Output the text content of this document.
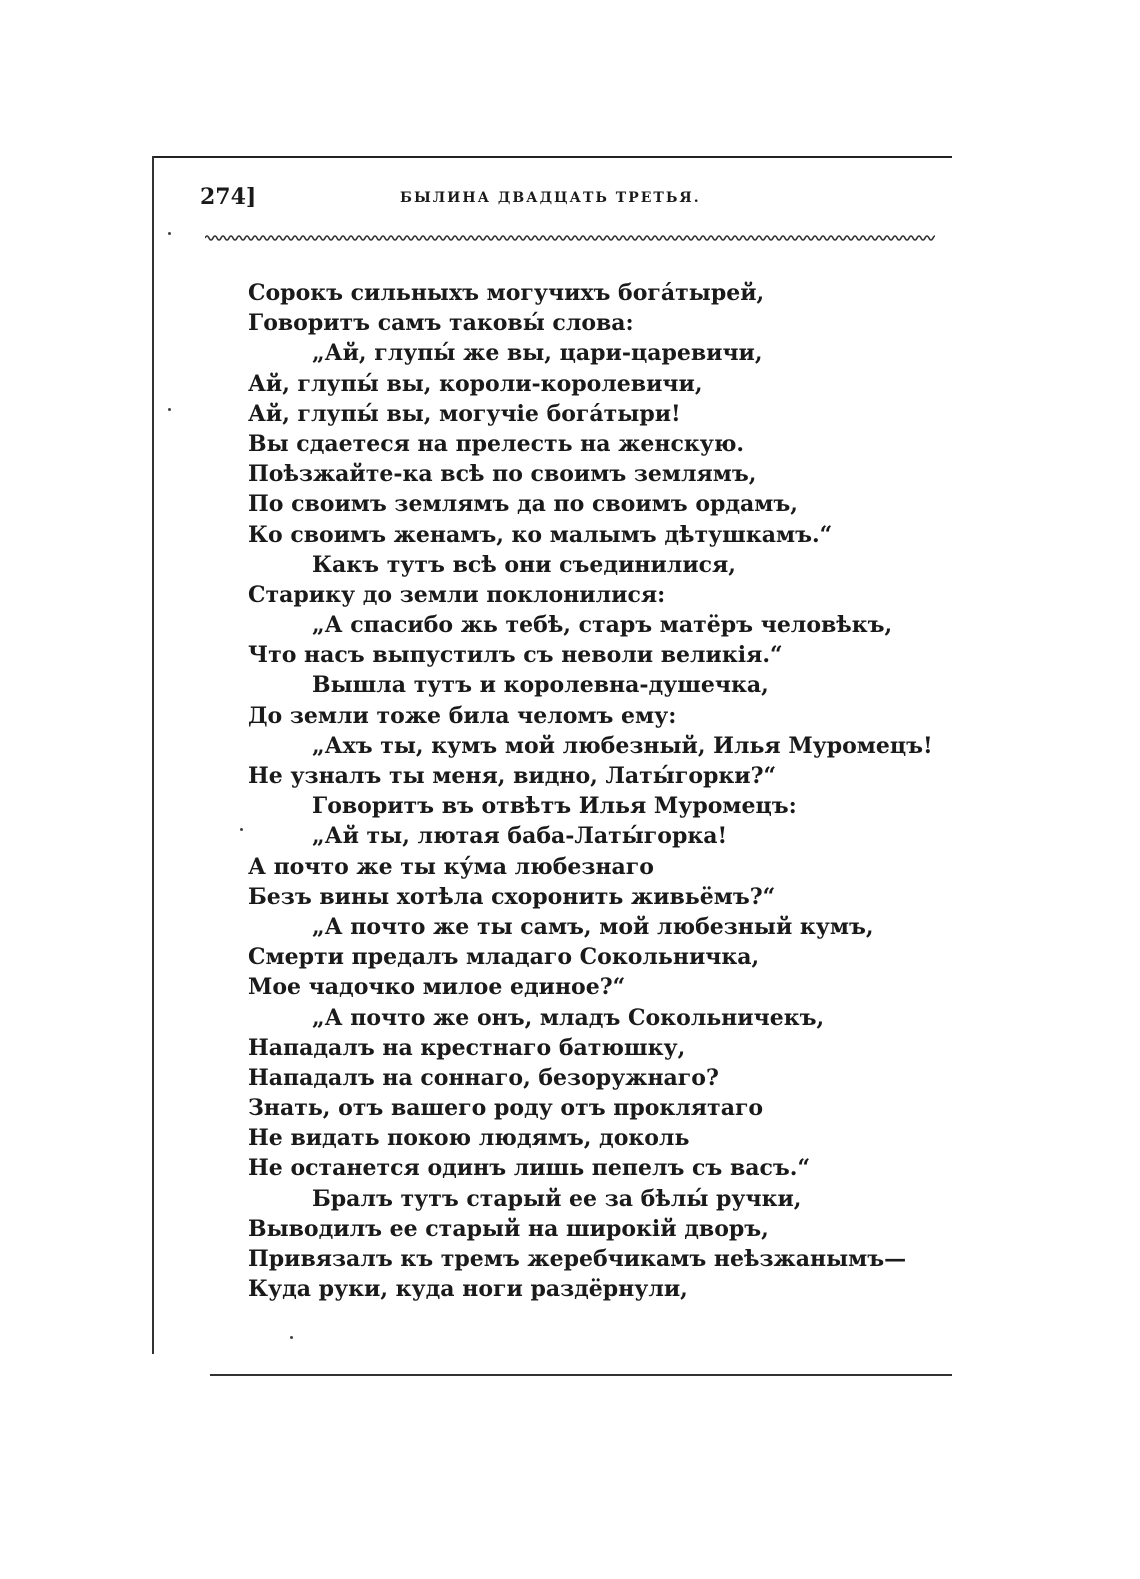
274]	БЫЛИНА ДВАДЦАТЬ ТРЕТЬЯ.
Сорокъ сильныхъ могучихъ богáтырей,
Говоритъ самъ таковы́ слова:
„Ай, глупы́ же вы, цари-царевичи,
Ай, глупы́ вы, короли-королевичи,
Ай, глупы́ вы, могучіе богáтыри!
Вы сдаетеся на прелесть на женскую.
Поѣзжайте-ка всѣ по своимъ землямъ,
По своимъ землямъ да по своимъ ордамъ,
Ко своимъ женамъ, ко малымъ дѣтушкамъ.“
Какъ тутъ всѣ они съединилися,
Старику до земли поклонилися:
„А спасибо жь тебѣ, старъ матёръ человѣкъ,
Что насъ выпустилъ съ неволи великія.“
Вышла тутъ и королевна-душечка,
До земли тоже била челомъ ему:
„Ахъ ты, кумъ мой любезный, Илья Муромецъ!
Не узналъ ты меня, видно, Латы́горки?“
Говоритъ въ отвѣтъ Илья Муромецъ:
„Ай ты, лютая баба-Латы́горка!
А почто же ты ку́ма любезнаго
Безъ вины хотѣла схоронить живьёмъ?“
„А почто же ты самъ, мой любезный кумъ,
Смерти предалъ младаго Сокольничка,
Мое чадочко милое единое?“
„А почто же онъ, младъ Сокольничекъ,
Нападалъ на крестнаго батюшку,
Нападалъ на соннаго, безоружнаго?
Знать, отъ вашего роду отъ проклятаго
Не видать покою людямъ, доколь
Не останется одинъ лишь пепелъ съ васъ.“
Бралъ тутъ старый ее за бѣлы́ ручки,
Выводилъ ее старый на широкій дворъ,
Привязалъ къ тремъ жеребчикамъ неѣзжанымъ—
Куда руки, куда ноги раздёрнули,
